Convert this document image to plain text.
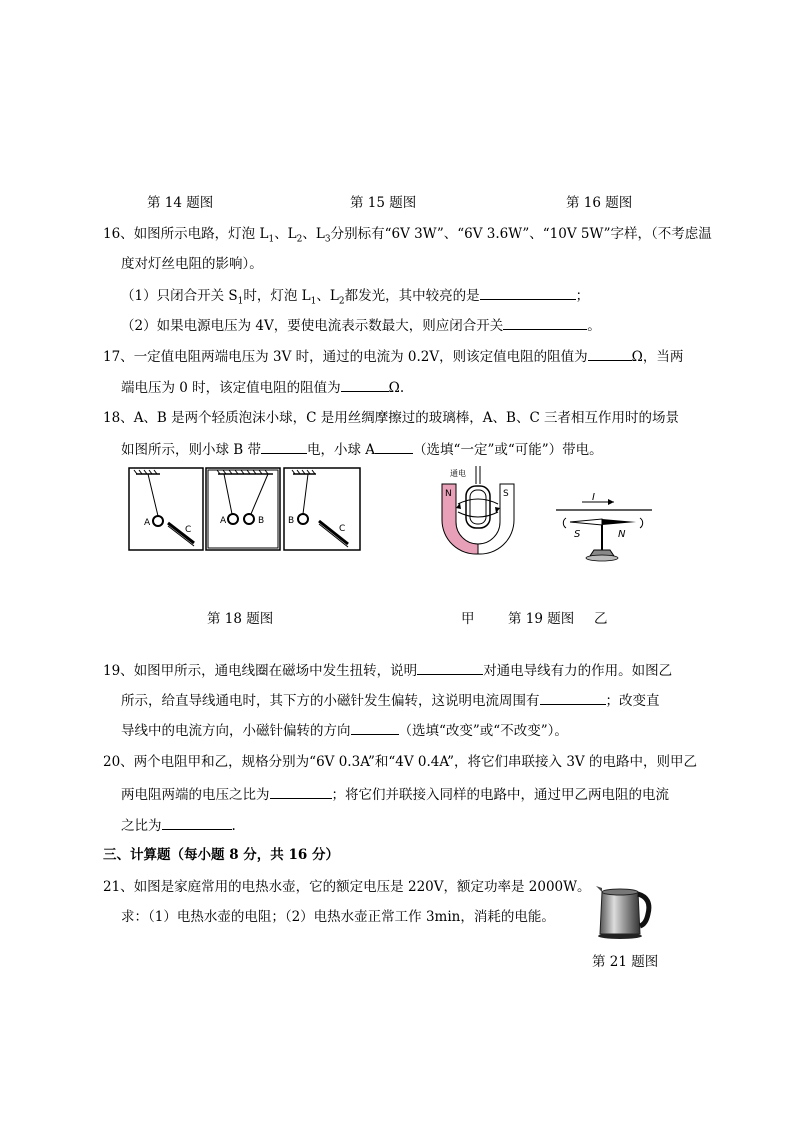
第 14 题图	第 15 题图	第 16 题图
16、如图所示电路，灯泡 $L_1$、$L_2$、$L_3$分别标有“6V 3W”、“6V 3.6W”、“10V 5W”字样，（不考虑温
度对灯丝电阻的影响）。
（1）只闭合开关 $S_1$时，灯泡 $L_1$、$L_2$都发光，其中较亮的是	；
（2）如果电源电压为 4V，要使电流表示数最大，则应闭合开关	。
17、一定值电阻两端电压为 3V 时，通过的电流为 0.2V，则该定值电阻的阻值为	Ω，当两
端电压为 0 时，该定值电阻的阻值为	Ω.
18、A、B 是两个轻质泡沫小球，C 是用丝绸摩擦过的玻璃棒，A、B、C 三者相互作用时的场景
如图所示，则小球 B 带	电，小球 A	（选填“一定”或“可能”）带电。
A
C
A	B	B
C
通电
N	S	I
S	N
第 18 题图	甲 第 19 题图 乙
19、如图甲所示，通电线圈在磁场中发生扭转，说明	对通电导线有力的作用。如图乙
所示，给直导线通电时，其下方的小磁针发生偏转，这说明电流周围有	；改变直
导线中的电流方向，小磁针偏转的方向	（选填“改变”或“不改变”）。
20、两个电阻甲和乙，规格分别为“6V 0.3A”和“4V 0.4A”，将它们串联接入 3V 的电路中，则甲乙
两电阻两端的电压之比为	；将它们并联接入同样的电路中，通过甲乙两电阻的电流
之比为	.
三、计算题（每小题 8 分，共 16 分）
21、如图是家庭常用的电热水壶，它的额定电压是 220V，额定功率是 2000W。
求：（1）电热水壶的电阻；（2）电热水壶正常工作 3min，消耗的电能。
第 21 题图
